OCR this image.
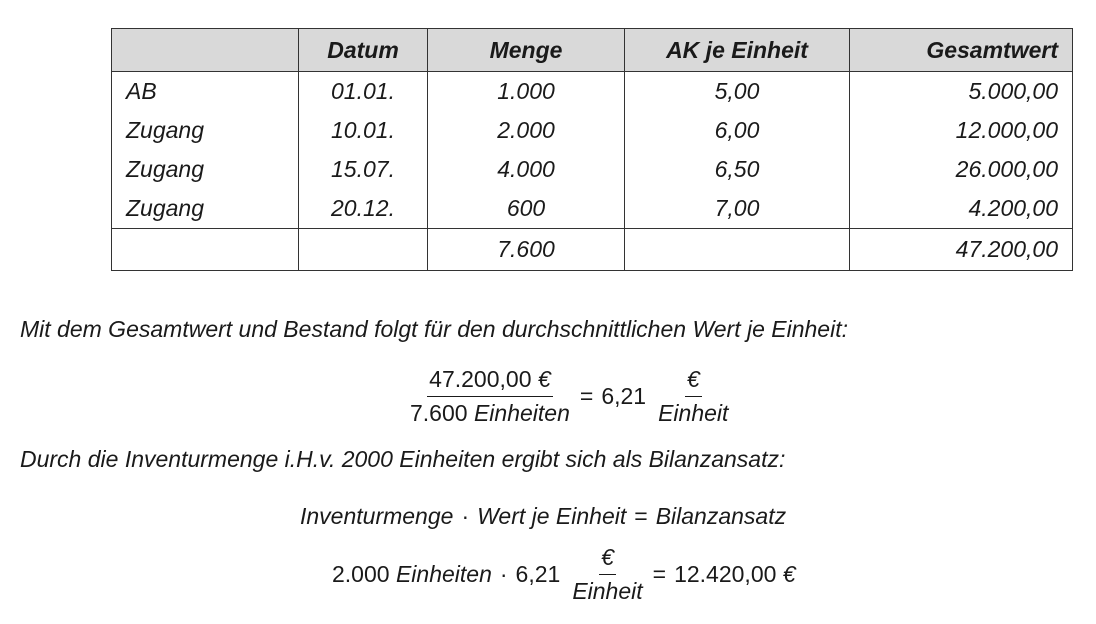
	Datum	Menge	AK je Einheit	Gesamtwert
AB	01.01.	1.000	5,00	5.000,00
Zugang	10.01.	2.000	6,00	12.000,00
Zugang	15.07.	4.000	6,50	26.000,00
Zugang	20.12.	600	7,00	4.200,00
		7.600		47.200,00
Mit dem Gesamtwert und Bestand folgt für den durchschnittlichen Wert je Einheit:
$\frac{47.200,00 €}{\text{7.600 Einheiten}} = 6,21 \frac{€}{\text{Einheit}}$
Durch die Inventurmenge i.H.v. 2000 Einheiten ergibt sich als Bilanzansatz:
Inventurmenge · Wert je Einheit = Bilanzansatz
2.000
Einheiten · $6,21 \frac{€}{\text{Einheit}} = 12.420,00$
€
